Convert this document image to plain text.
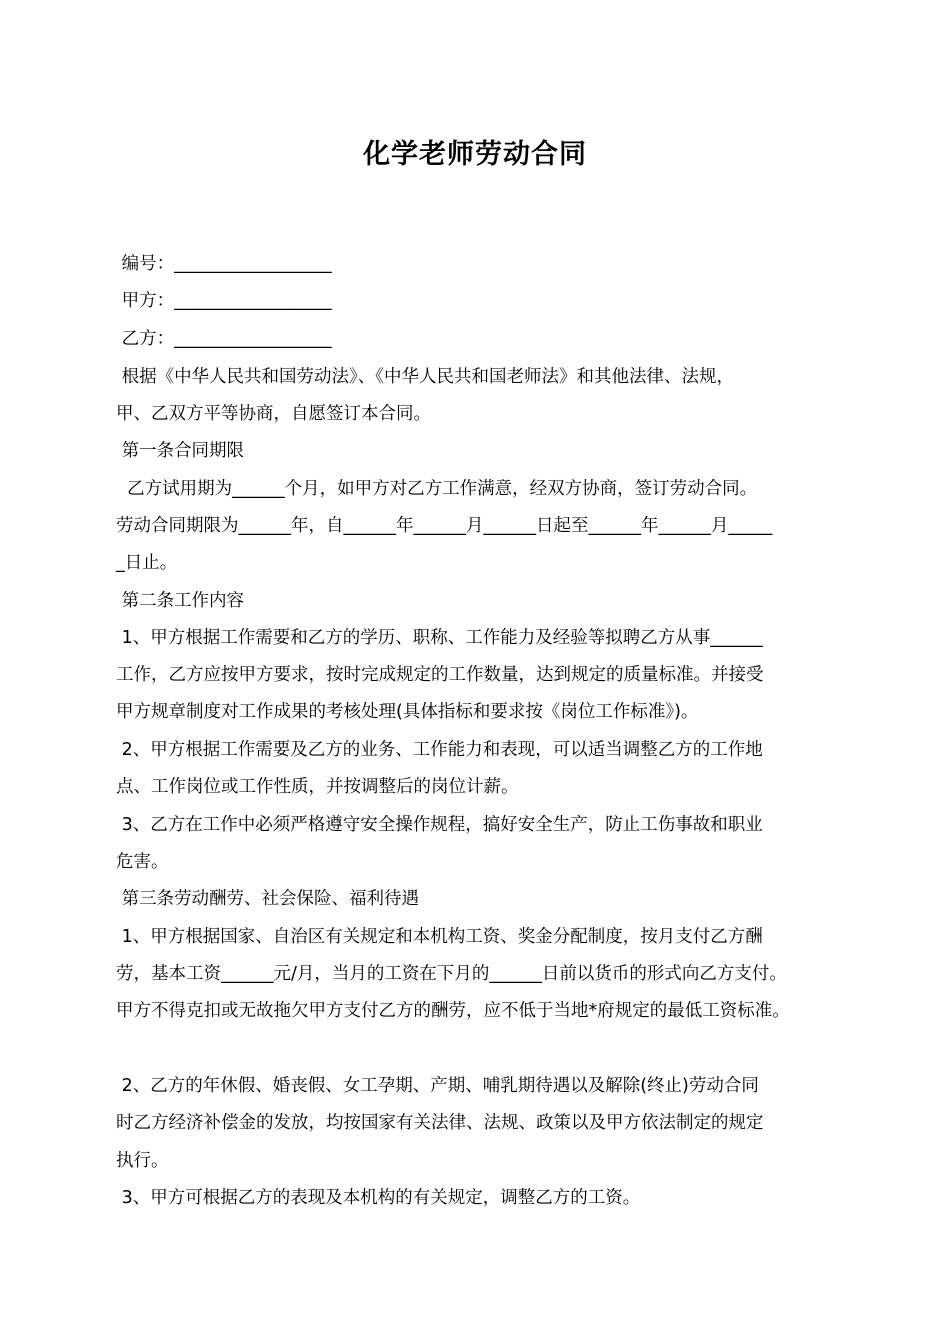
化学老师劳动合同
编号：__________________
甲方：__________________
乙方：__________________
根据《中华人民共和国劳动法》、《中华人民共和国老师法》和其他法律、法规，
甲、乙双方平等协商，自愿签订本合同。
第一条合同期限
乙方试用期为______个月，如甲方对乙方工作满意，经双方协商，签订劳动合同。
劳动合同期限为______年，自______年______月______日起至______年______月_____
_日止。
第二条工作内容
1、甲方根据工作需要和乙方的学历、职称、工作能力及经验等拟聘乙方从事______
工作，乙方应按甲方要求，按时完成规定的工作数量，达到规定的质量标准。并接受
甲方规章制度对工作成果的考核处理(具体指标和要求按《岗位工作标准》)。
2、甲方根据工作需要及乙方的业务、工作能力和表现，可以适当调整乙方的工作地
点、工作岗位或工作性质，并按调整后的岗位计薪。
3、乙方在工作中必须严格遵守安全操作规程，搞好安全生产，防止工伤事故和职业
危害。
第三条劳动酬劳、社会保险、福利待遇
1、甲方根据国家、自治区有关规定和本机构工资、奖金分配制度，按月支付乙方酬
劳，基本工资______元/月，当月的工资在下月的______日前以货币的形式向乙方支付。
甲方不得克扣或无故拖欠甲方支付乙方的酬劳，应不低于当地*府规定的最低工资标准。
2、乙方的年休假、婚丧假、女工孕期、产期、哺乳期待遇以及解除(终止)劳动合同
时乙方经济补偿金的发放，均按国家有关法律、法规、政策以及甲方依法制定的规定
执行。
3、甲方可根据乙方的表现及本机构的有关规定，调整乙方的工资。
